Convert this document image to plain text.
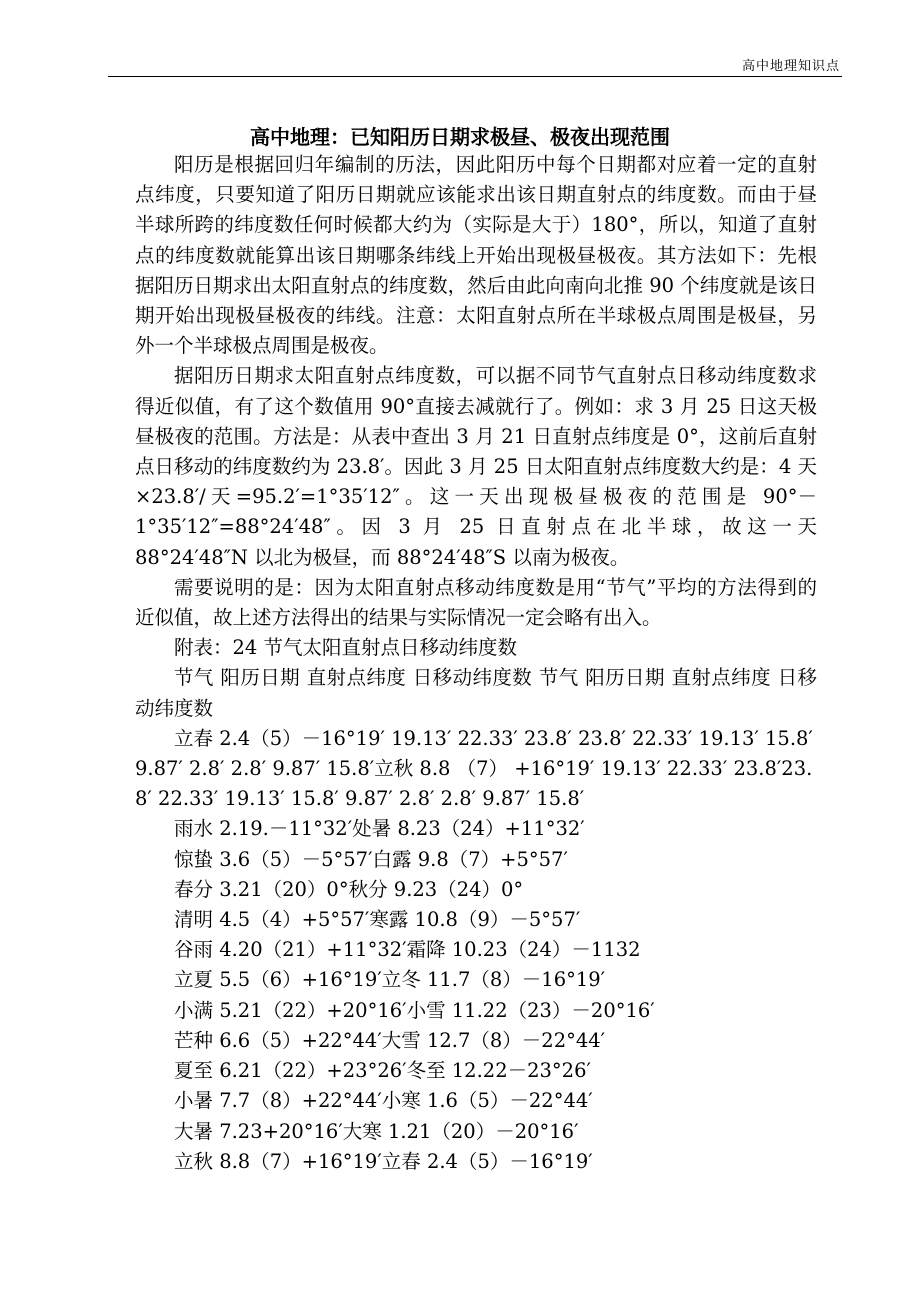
高中地理知识点
高中地理：已知阳历日期求极昼、极夜出现范围

阳历是根据回归年编制的历法，因此阳历中每个日期都对应着一定的直射点纬度，只要知道了阳历日期就应该能求出该日期直射点的纬度数。而由于昼半球所跨的纬度数任何时候都大约为（实际是大于）180°，所以，知道了直射点的纬度数就能算出该日期哪条纬线上开始出现极昼极夜。其方法如下：先根据阳历日期求出太阳直射点的纬度数，然后由此向南向北推 90 个纬度就是该日期开始出现极昼极夜的纬线。注意：太阳直射点所在半球极点周围是极昼，另外一个半球极点周围是极夜。

据阳历日期求太阳直射点纬度数，可以据不同节气直射点日移动纬度数求得近似值，有了这个数值用 90°直接去减就行了。例如：求 3 月 25 日这天极昼极夜的范围。方法是：从表中查出 3 月 21 日直射点纬度是 0°，这前后直射点日移动的纬度数约为 23.8′。因此 3 月 25 日太阳直射点纬度数大约是：4 天×23.8′/天=95.2′=1°35′12″。这一天出现极昼极夜的范围是 90°－1°35′12″=88°24′48″。因 3 月 25 日直射点在北半球，故这一天 88°24′48″N 以北为极昼，而 88°24′48″S 以南为极夜。

需要说明的是：因为太阳直射点移动纬度数是用“节气”平均的方法得到的近似值，故上述方法得出的结果与实际情况一定会略有出入。

附表：24 节气太阳直射点日移动纬度数

节气 阳历日期 直射点纬度 日移动纬度数 节气 阳历日期 直射点纬度 日移动纬度数

立春 2.4（5）－16°19′ 19.13′ 22.33′ 23.8′ 23.8′ 22.33′ 19.13′ 15.8′ 9.87′ 2.8′ 2.8′ 9.87′ 15.8′立秋 8.8 （7） +16°19′ 19.13′ 22.33′ 23.8′23.8′ 22.33′ 19.13′ 15.8′ 9.87′ 2.8′ 2.8′ 9.87′ 15.8′

雨水 2.19.－11°32′处暑 8.23（24）+11°32′
惊蛰 3.6（5）－5°57′白露 9.8（7）+5°57′
春分 3.21（20）0°秋分 9.23（24）0°
清明 4.5（4）+5°57′寒露 10.8（9）－5°57′
谷雨 4.20（21）+11°32′霜降 10.23（24）－1132
立夏 5.5（6）+16°19′立冬 11.7（8）－16°19′
小满 5.21（22）+20°16′小雪 11.22（23）－20°16′
芒种 6.6（5）+22°44′大雪 12.7（8）－22°44′
夏至 6.21（22）+23°26′冬至 12.22－23°26′
小暑 7.7（8）+22°44′小寒 1.6（5）－22°44′
大暑 7.23+20°16′大寒 1.21（20）－20°16′
立秋 8.8（7）+16°19′立春 2.4（5）－16°19′
